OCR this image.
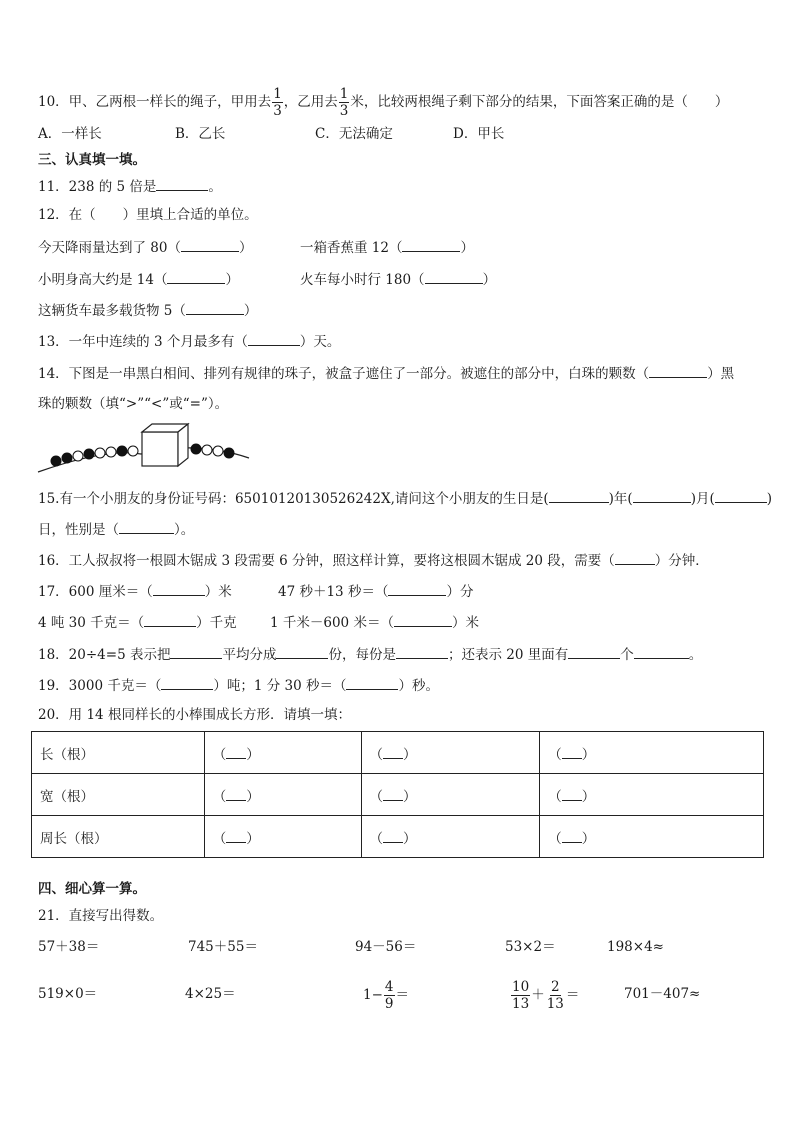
10．甲、乙两根一样长的绳子，甲用去 $\frac{1}{3}$ ，乙用去 $\frac{1}{3}$ 米，比较两根绳子剩下部分的结果，下面答案正确的是（　　）
A．一样长	B．乙长	C．无法确定	D．甲长
三、认真填一填。
11．238 的 5 倍是	。
12．在（　　）里填上合适的单位。
今天降雨量达到了 80（	）	一箱香蕉重 12（	）
小明身高大约是 14（	）	火车每小时行 180（	）
这辆货车最多载货物 5（	）
13．一年中连续的 3 个月最多有（	）天。
14．下图是一串黑白相间、排列有规律的珠子，被盒子遮住了一部分。被遮住的部分中，白珠的颗数（	）黑
珠的颗数（填“>”“<”或“=”）。
15.有一个小朋友的身份证号码：65010120130526242X,请问这个小朋友的生日是(	)年(	)月(	)
日，性别是（	）。
16．工人叔叔将一根圆木锯成 3 段需要 6 分钟，照这样计算，要将这根圆木锯成 20 段，需要（	）分钟．
17．600 厘米＝（	）米	47 秒＋13 秒＝（	）分
4 吨 30 千克＝（	）千克 1 千米－600 米＝（	）米
18．20÷4=5 表示把	平均分成	份，每份是	；还表示 20 里面有	个	。
19．3000 千克＝（	）吨；1 分 30 秒＝（	）秒。
20．用 14 根同样长的小棒围成长方形．请填一填：
长（根）	（ ）	（ ）	（ ）
宽（根）	（ ）	（ ）	（ ）
周长（根）	（ ）	（ ）	（ ）
四、细心算一算。
21．直接写出得数。
57＋38＝	745＋55＝	94－56＝	53×2＝	198×4≈
519×0＝	4×25＝	$1- \frac{4}{9}$ ＝	$\frac{10}{13} + \frac{2}{13}$ ＝	701－407≈
